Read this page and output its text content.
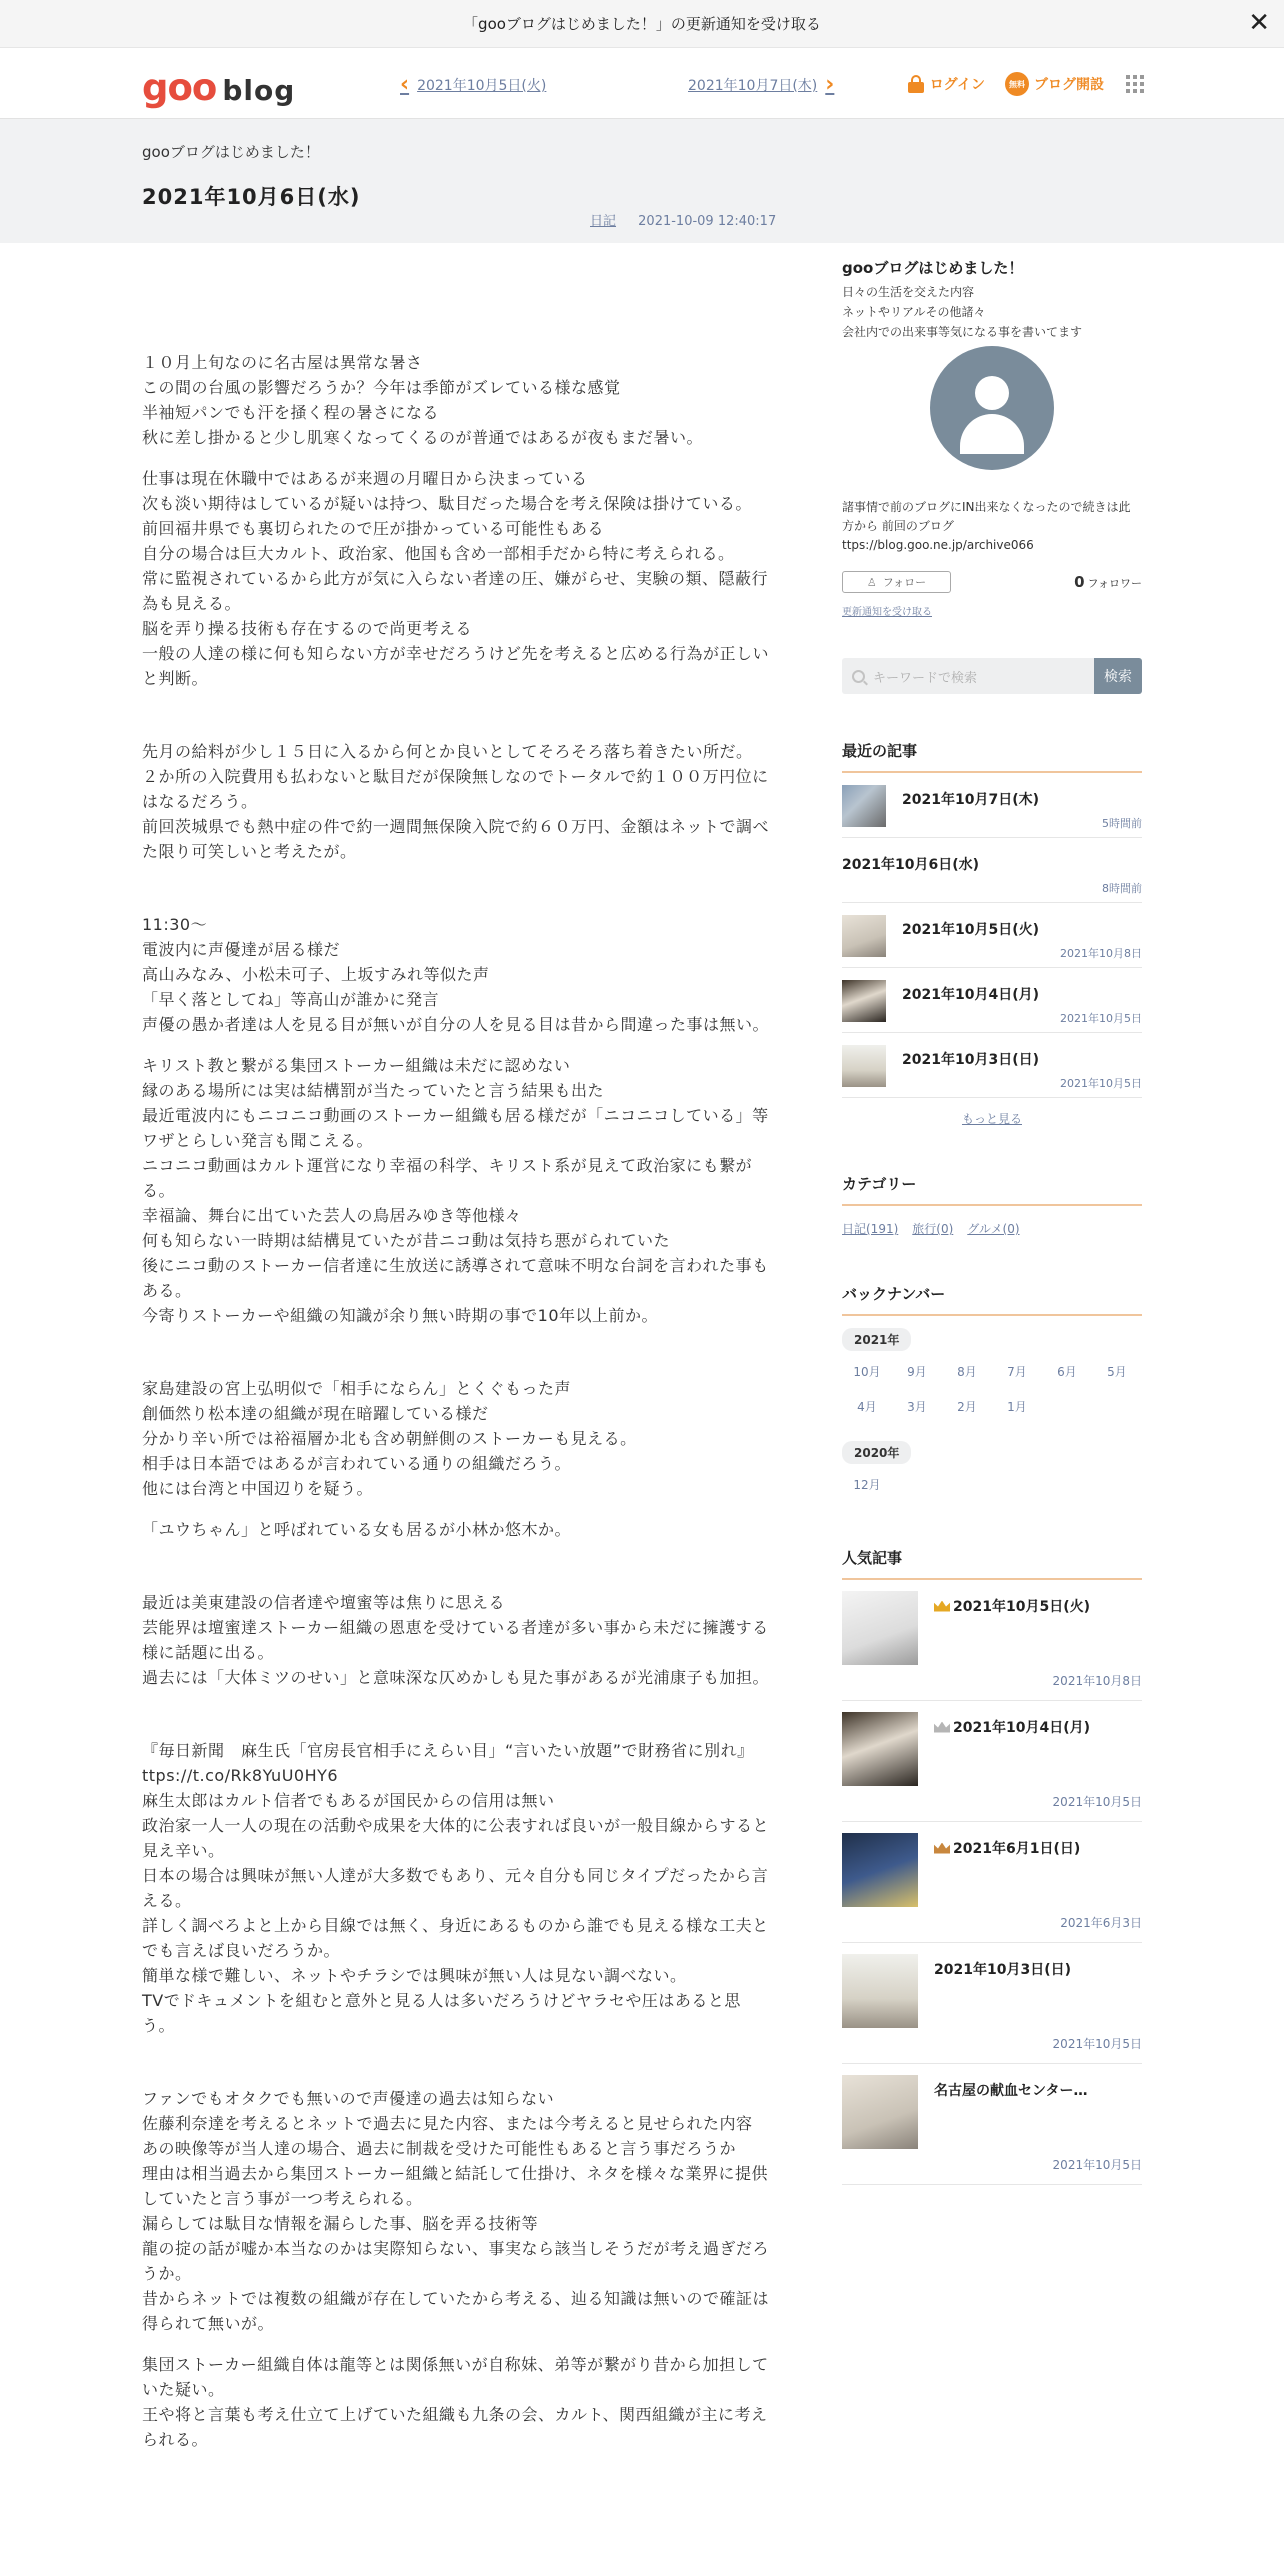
「gooブログはじめました！」の更新通知を受け取る	✕
goo blog	‹ 2021年10月5日(火)	2021年10月7日(木) ›	ログイン	無料 ブログ開設
gooブログはじめました！
2021年10月6日(水)
日記 2021-10-09 12:40:17

１０月上旬なのに名古屋は異常な暑さ
この間の台風の影響だろうか？今年は季節がズレている様な感覚
半袖短パンでも汗を掻く程の暑さになる
秋に差し掛かると少し肌寒くなってくるのが普通ではあるが夜もまだ暑い。

仕事は現在休職中ではあるが来週の月曜日から決まっている
次も淡い期待はしているが疑いは持つ、駄目だった場合を考え保険は掛けている。
前回福井県でも裏切られたので圧が掛かっている可能性もある
自分の場合は巨大カルト、政治家、他国も含め一部相手だから特に考えられる。
常に監視されているから此方が気に入らない者達の圧、嫌がらせ、実験の類、隠蔽行為も見える。
脳を弄り操る技術も存在するので尚更考える
一般の人達の様に何も知らない方が幸せだろうけど先を考えると広める行為が正しいと判断。

先月の給料が少し１５日に入るから何とか良いとしてそろそろ落ち着きたい所だ。
２か所の入院費用も払わないと駄目だが保険無しなのでトータルで約１００万円位にはなるだろう。
前回茨城県でも熱中症の件で約一週間無保険入院で約６０万円、金額はネットで調べた限り可笑しいと考えたが。

11:30～
電波内に声優達が居る様だ
高山みなみ、小松未可子、上坂すみれ等似た声
「早く落としてね」等高山が誰かに発言
声優の愚か者達は人を見る目が無いが自分の人を見る目は昔から間違った事は無い。

キリスト教と繋がる集団ストーカー組織は未だに認めない
縁のある場所には実は結構罰が当たっていたと言う結果も出た
最近電波内にもニコニコ動画のストーカー組織も居る様だが「ニコニコしている」等ワザとらしい発言も聞こえる。
ニコニコ動画はカルト運営になり幸福の科学、キリスト系が見えて政治家にも繋がる。
幸福論、舞台に出ていた芸人の鳥居みゆき等他様々
何も知らない一時期は結構見ていたが昔ニコ動は気持ち悪がられていた
後にニコ動のストーカー信者達に生放送に誘導されて意味不明な台詞を言われた事もある。
今寄りストーカーや組織の知識が余り無い時期の事で10年以上前か。

家島建設の宮上弘明似で「相手にならん」とくぐもった声
創価然り松本達の組織が現在暗躍している様だ
分かり辛い所では裕福層か北も含め朝鮮側のストーカーも見える。
相手は日本語ではあるが言われている通りの組織だろう。
他には台湾と中国辺りを疑う。

「ユウちゃん」と呼ばれている女も居るが小林か悠木か。

最近は美東建設の信者達や壇蜜等は焦りに思える
芸能界は壇蜜達ストーカー組織の恩恵を受けている者達が多い事から未だに擁護する様に話題に出る。
過去には「大体ミツのせい」と意味深な仄めかしも見た事があるが光浦康子も加担。

『毎日新聞　麻生氏「官房長官相手にえらい目」“言いたい放題”で財務省に別れ』
ttps://t.co/Rk8YuU0HY6
麻生太郎はカルト信者でもあるが国民からの信用は無い
政治家一人一人の現在の活動や成果を大体的に公表すれば良いが一般目線からすると見え辛い。
日本の場合は興味が無い人達が大多数でもあり、元々自分も同じタイプだったから言える。
詳しく調べろよと上から目線では無く、身近にあるものから誰でも見える様な工夫とでも言えば良いだろうか。
簡単な様で難しい、ネットやチラシでは興味が無い人は見ない調べない。
TVでドキュメントを組むと意外と見る人は多いだろうけどヤラセや圧はあると思う。

ファンでもオタクでも無いので声優達の過去は知らない
佐藤利奈達を考えるとネットで過去に見た内容、または今考えると見せられた内容
あの映像等が当人達の場合、過去に制裁を受けた可能性もあると言う事だろうか
理由は相当過去から集団ストーカー組織と結託して仕掛け、ネタを様々な業界に提供していたと言う事が一つ考えられる。
漏らしては駄目な情報を漏らした事、脳を弄る技術等
龍の掟の話が嘘か本当なのかは実際知らない、事実なら該当しそうだが考え過ぎだろうか。
昔からネットでは複数の組織が存在していたから考える、辿る知識は無いので確証は得られて無いが。

集団ストーカー組織自体は龍等とは関係無いが自称妹、弟等が繋がり昔から加担していた疑い。
王や将と言葉も考え仕立て上げていた組織も九条の会、カルト、関西組織が主に考えられる。

gooブログはじめました！
日々の生活を交えた内容
ネットやリアルその他諸々
会社内での出来事等気になる事を書いてます
諸事情で前のブログにIN出来なくなったので続きは此方から 前回のブログ ttps://blog.goo.ne.jp/archive066
♙ フォロー	0 フォロワー
更新通知を受け取る
キーワードで検索	検索
最近の記事
2021年10月7日(木)
5時間前
2021年10月6日(水)
8時間前
2021年10月5日(火)
2021年10月8日
2021年10月4日(月)
2021年10月5日
2021年10月3日(日)
2021年10月5日
もっと見る
カテゴリー
日記(191) 旅行(0) グルメ(0)
バックナンバー
2021年
10月	9月	8月	7月	6月	5月
4月	3月	2月	1月
2020年
12月
人気記事
2021年10月5日(火)
2021年10月8日
2021年10月4日(月)
2021年10月5日
2021年6月1日(日)
2021年6月3日
2021年10月3日(日)
2021年10月5日
名古屋の献血センター…
2021年10月5日
